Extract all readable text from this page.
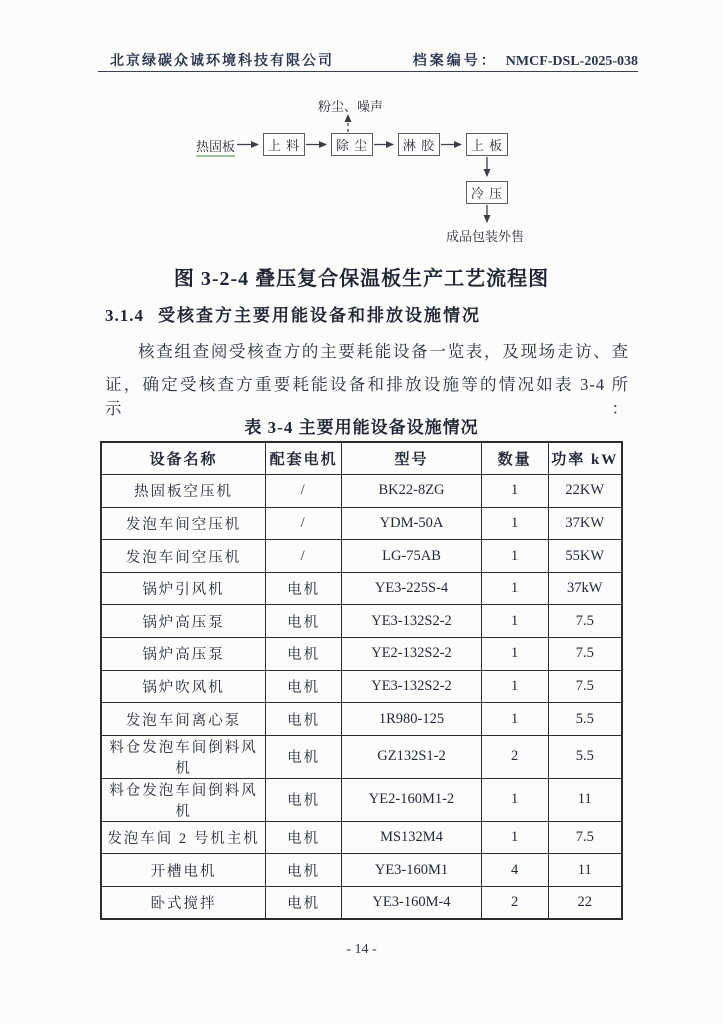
北京绿碳众诚环境科技有限公司	档案编号： NMCF-DSL-2025-038
粉尘、噪声
热固板	上 料	除 尘	淋 胶	上 板
冷 压
成品包装外售
图 3-2-4 叠压复合保温板生产工艺流程图
3.1.4 受核查方主要用能设备和排放设施情况
核查组查阅受核查方的主要耗能设备一览表，及现场走访、查
证，确定受核查方重要耗能设备和排放设施等的情况如表 3-4 所示：
表 3-4 主要用能设备设施情况
设备名称	配套电机	型号	数量	功率 kW
热固板空压机	/	BK22-8ZG	1	22KW
发泡车间空压机	/	YDM-50A	1	37KW
发泡车间空压机	/	LG-75AB	1	55KW
锅炉引风机	电机	YE3-225S-4	1	37kW
锅炉高压泵	电机	YE3-132S2-2	1	7.5
锅炉高压泵	电机	YE2-132S2-2	1	7.5
锅炉吹风机	电机	YE3-132S2-2	1	7.5
发泡车间离心泵	电机	1R980-125	1	5.5
料仓发泡车间倒料风机	电机	GZ132S1-2	2	5.5
料仓发泡车间倒料风机	电机	YE2-160M1-2	1	11
发泡车间 2 号机主机	电机	MS132M4	1	7.5
开槽电机	电机	YE3-160M1	4	11
卧式搅拌	电机	YE3-160M-4	2	22
- 14 -
